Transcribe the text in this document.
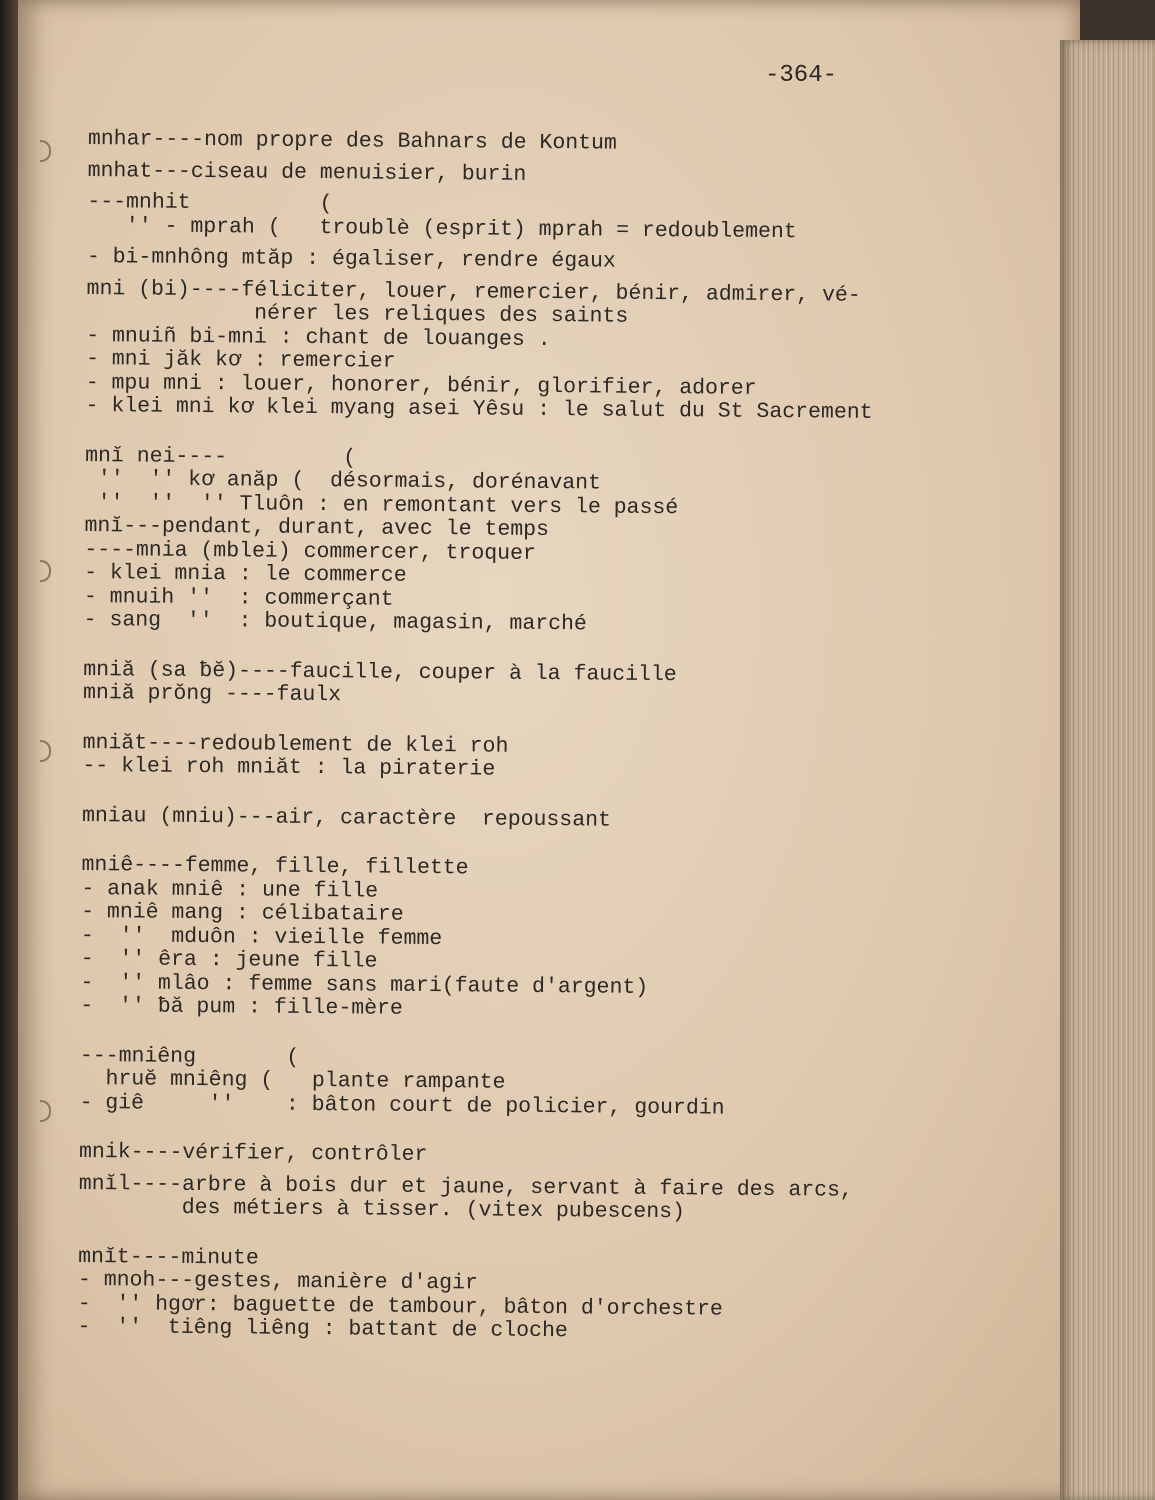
-364-
mnhar----nom propre des Bahnars de Kontum
mnhat---ciseau de menuisier, burin
---mnhit          (
'' - mprah (   troublè (esprit) mprah = redoublement
- bi-mnhông mtăp : égaliser, rendre égaux
mni (bi)----féliciter, louer, remercier, bénir, admirer, vé-
nérer les reliques des saints
- mnuiñ bi-mni : chant de louanges .
- mni jăk kơ : remercier
- mpu mni : louer, honorer, bénir, glorifier, adorer
- klei mni kơ klei myang asei Yêsu : le salut du St Sacrement
mnĭ nei----         (
''  '' kơ anăp (  désormais, dorénavant
''  ''  '' Tluôn : en remontant vers le passé
mnĭ---pendant, durant, avec le temps
----mnia (mblei) commercer, troquer
- klei mnia : le commerce
- mnuih ''  : commerçant
- sang  ''  : boutique, magasin, marché
mniă (sa ƀĕ)----faucille, couper à la faucille
mniă prŏng ----faulx
mniăt----redoublement de klei roh
-- klei roh mniăt : la piraterie
mniau (mniu)---air, caractère  repoussant
mniê----femme, fille, fillette
- anak mniê : une fille
- mniê mang : célibataire
-  ''  mduôn : vieille femme
-  '' êra : jeune fille
-  '' mlâo : femme sans mari(faute d'argent)
-  '' ƀă pum : fille-mère
---mniêng       (
hruĕ mniêng (   plante rampante
- giê     ''    : bâton court de policier, gourdin
mnik----vérifier, contrôler
mnĭl----arbre à bois dur et jaune, servant à faire des arcs,
des métiers à tisser. (vitex pubescens)
mnĭt----minute
- mnoh---gestes, manière d'agir
-  '' hgơr: baguette de tambour, bâton d'orchestre
-  ''  tiêng liêng : battant de cloche
